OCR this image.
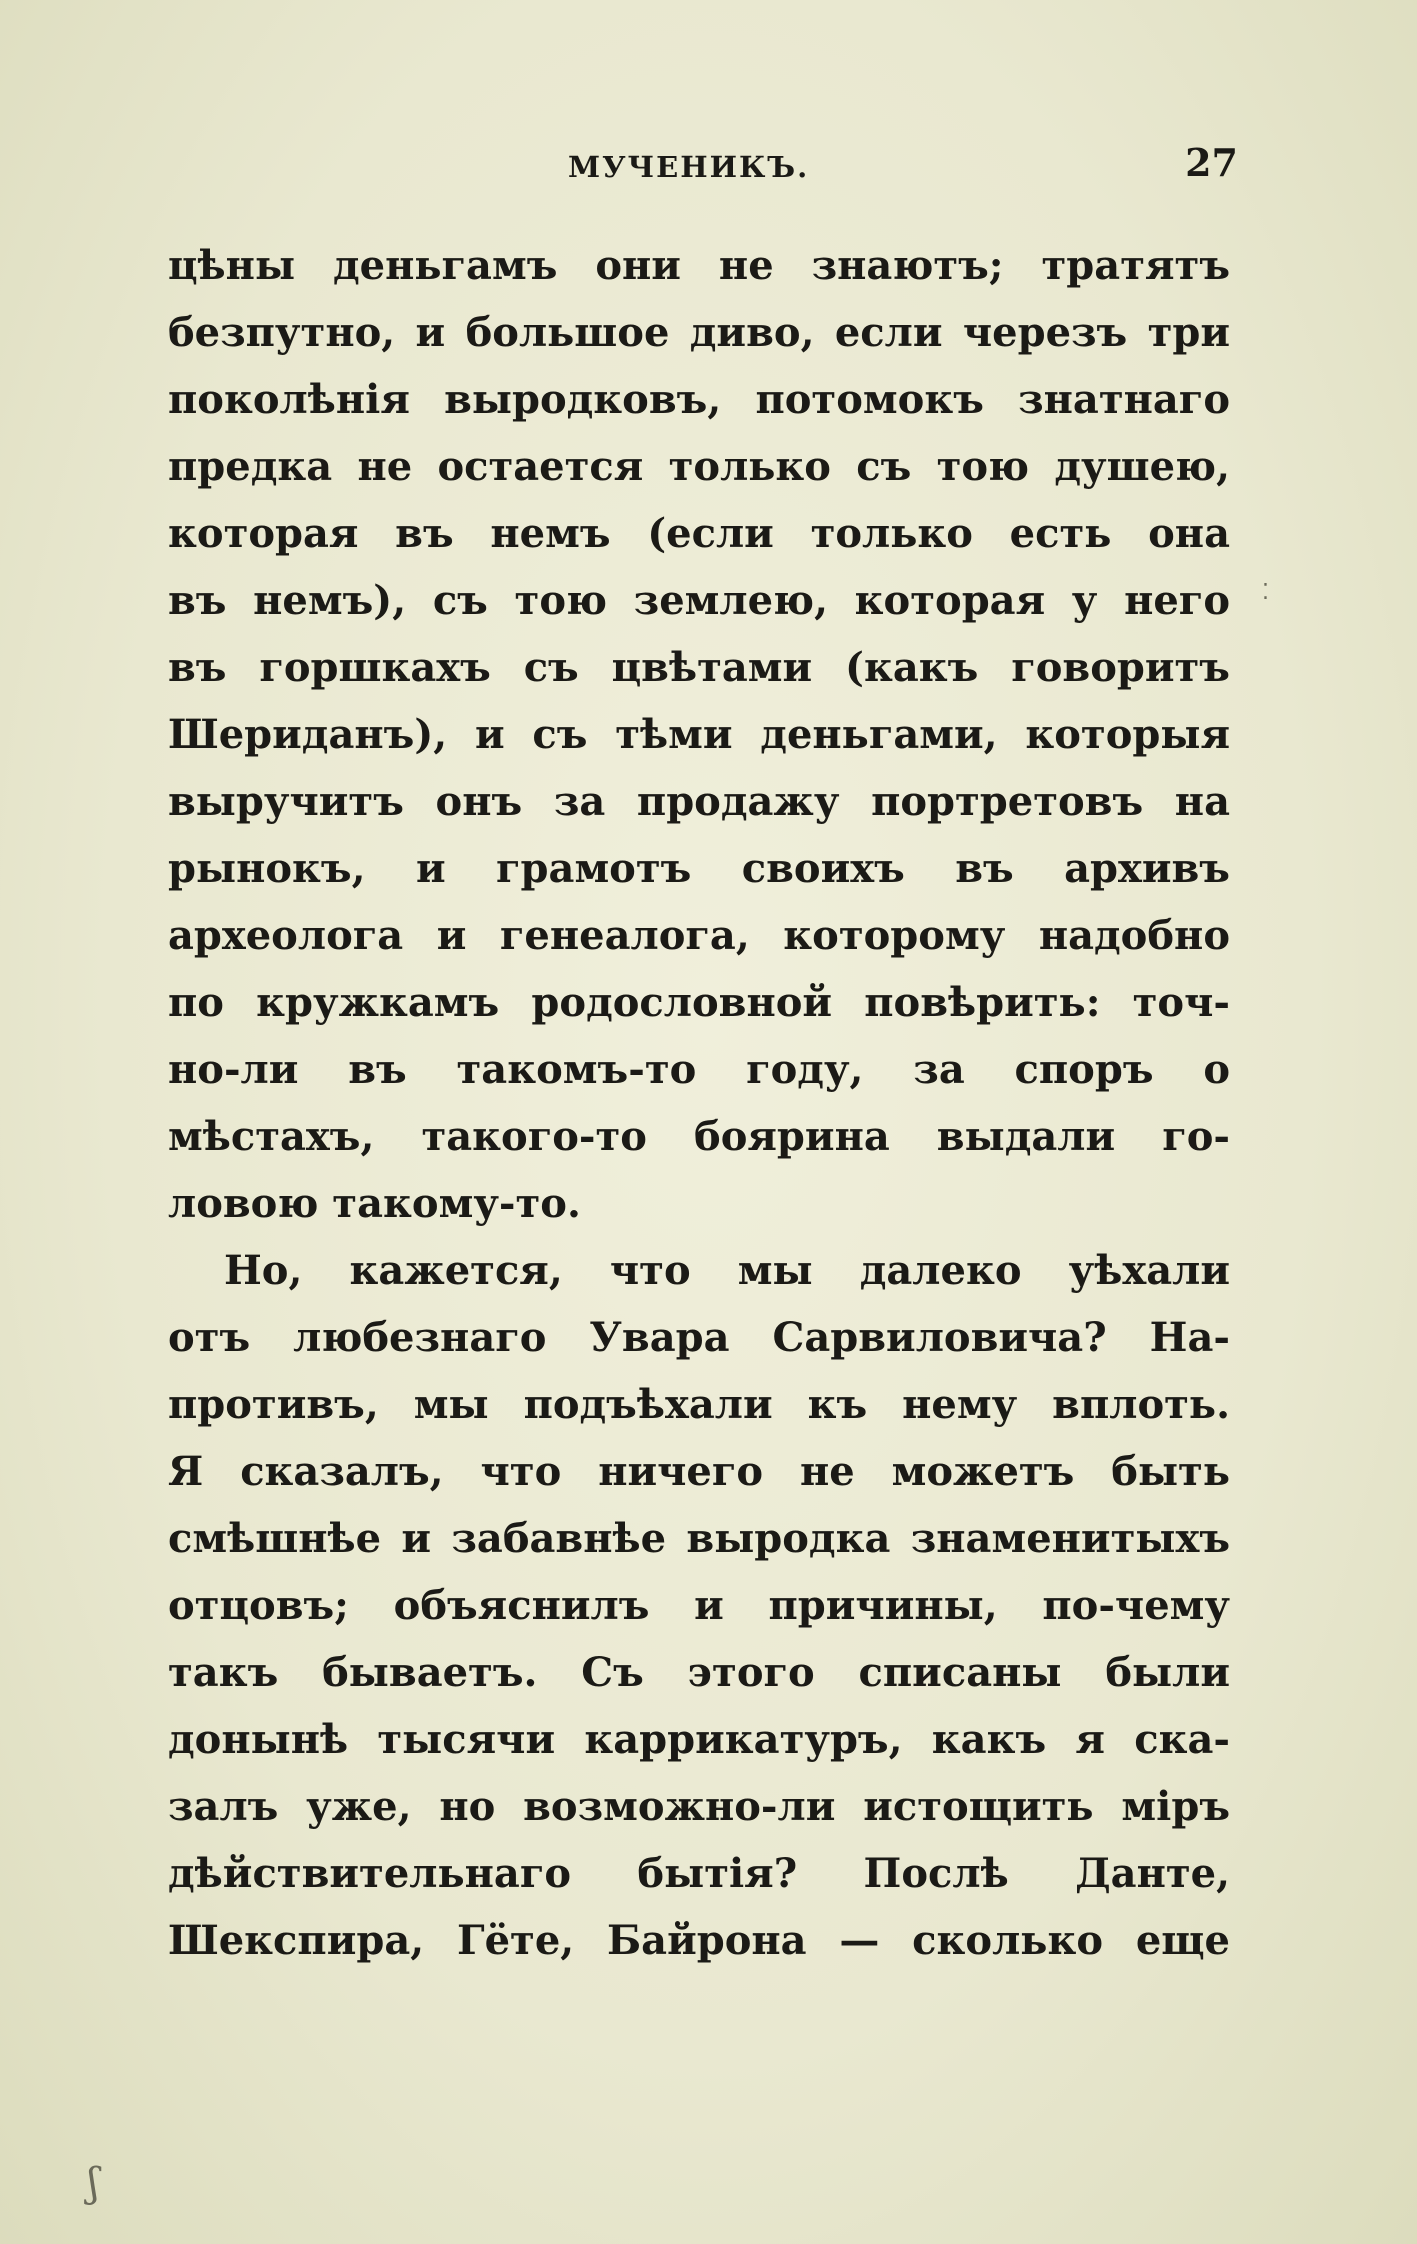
МУЧЕНИКЪ.	27
цѣны деньгамъ они не знаютъ; тратятъ
безпутно, и большое диво, если черезъ три
поколѣнія выродковъ, потомокъ знатнаго
предка не остается только съ тою душею,
которая въ немъ (если только есть она
въ немъ), съ тою землею, которая у него
въ горшкахъ съ цвѣтами (какъ говоритъ
Шериданъ), и съ тѣми деньгами, которыя
выручитъ онъ за продажу портретовъ на
рынокъ, и грамотъ своихъ въ архивъ
археолога и генеалога, которому надобно
по кружкамъ родословной повѣрить: точ-
но-ли въ такомъ-то году, за споръ о
мѣстахъ, такого-то боярина выдали го-
ловою такому-то.
Но, кажется, что мы далеко уѣхали
отъ любезнаго Увара Сарвиловича? На-
противъ, мы подъѣхали къ нему вплоть.
Я сказалъ, что ничего не можетъ быть
смѣшнѣе и забавнѣе выродка знаменитыхъ
отцовъ; объяснилъ и причины, по-чему
такъ бываетъ. Съ этого списаны были
донынѣ тысячи каррикатуръ, какъ я ска-
залъ уже, но возможно-ли истощить міръ
дѣйствительнаго бытія? Послѣ Данте,
Шекспира, Гёте, Байрона — сколько еще
⁚
ʃ
